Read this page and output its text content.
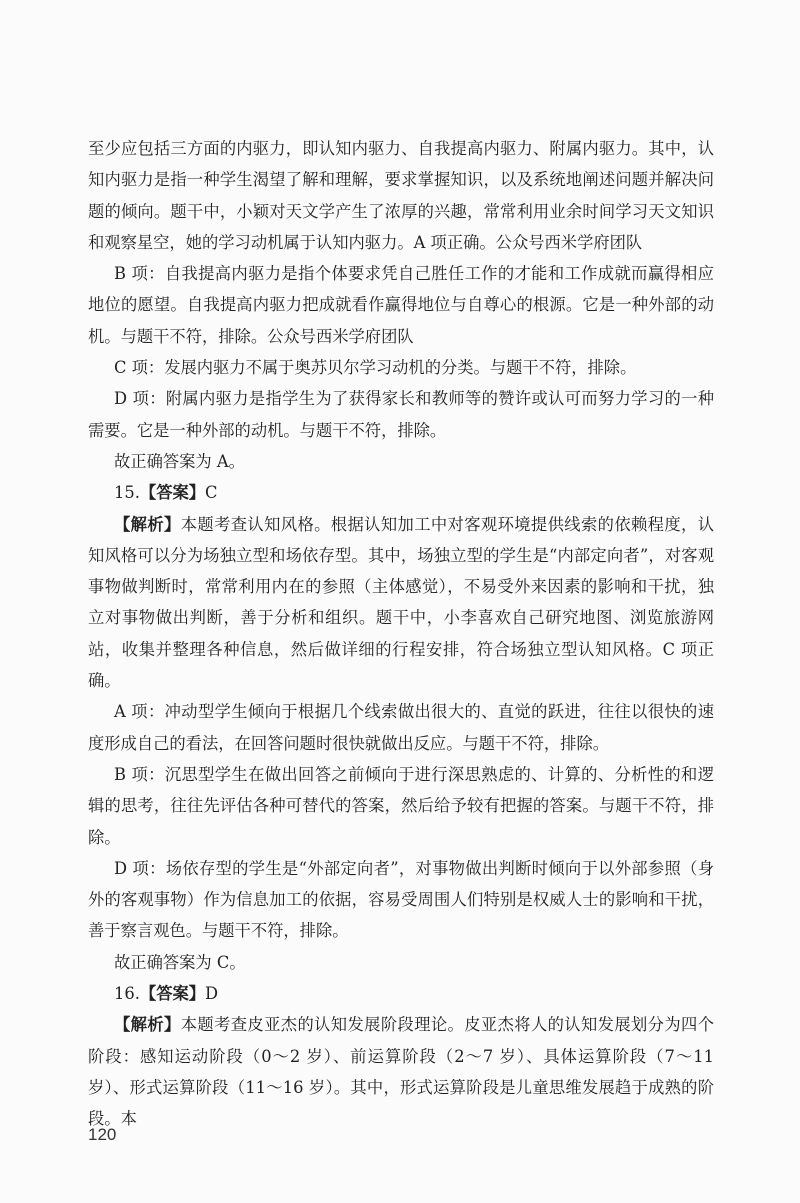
至少应包括三方面的内驱力，即认知内驱力、自我提高内驱力、附属内驱力。其中，认知内驱力是指一种学生渴望了解和理解，要求掌握知识，以及系统地阐述问题并解决问题的倾向。题干中，小颖对天文学产生了浓厚的兴趣，常常利用业余时间学习天文知识和观察星空，她的学习动机属于认知内驱力。A 项正确。公众号西米学府团队

B 项：自我提高内驱力是指个体要求凭自己胜任工作的才能和工作成就而赢得相应地位的愿望。自我提高内驱力把成就看作赢得地位与自尊心的根源。它是一种外部的动机。与题干不符，排除。公众号西米学府团队

C 项：发展内驱力不属于奥苏贝尔学习动机的分类。与题干不符，排除。

D 项：附属内驱力是指学生为了获得家长和教师等的赞许或认可而努力学习的一种需要。它是一种外部的动机。与题干不符，排除。

故正确答案为 A。

15.【答案】C

【解析】本题考查认知风格。根据认知加工中对客观环境提供线索的依赖程度，认知风格可以分为场独立型和场依存型。其中，场独立型的学生是“内部定向者”，对客观事物做判断时，常常利用内在的参照（主体感觉），不易受外来因素的影响和干扰，独立对事物做出判断，善于分析和组织。题干中，小李喜欢自己研究地图、浏览旅游网站，收集并整理各种信息，然后做详细的行程安排，符合场独立型认知风格。C 项正确。

A 项：冲动型学生倾向于根据几个线索做出很大的、直觉的跃进，往往以很快的速度形成自己的看法，在回答问题时很快就做出反应。与题干不符，排除。

B 项：沉思型学生在做出回答之前倾向于进行深思熟虑的、计算的、分析性的和逻辑的思考，往往先评估各种可替代的答案，然后给予较有把握的答案。与题干不符，排除。

D 项：场依存型的学生是“外部定向者”，对事物做出判断时倾向于以外部参照（身外的客观事物）作为信息加工的依据，容易受周围人们特别是权威人士的影响和干扰，善于察言观色。与题干不符，排除。

故正确答案为 C。

16.【答案】D

【解析】本题考查皮亚杰的认知发展阶段理论。皮亚杰将人的认知发展划分为四个阶段：感知运动阶段（0～2 岁）、前运算阶段（2～7 岁）、具体运算阶段（7～11 岁）、形式运算阶段（11～16 岁）。其中，形式运算阶段是儿童思维发展趋于成熟的阶段。本

120
